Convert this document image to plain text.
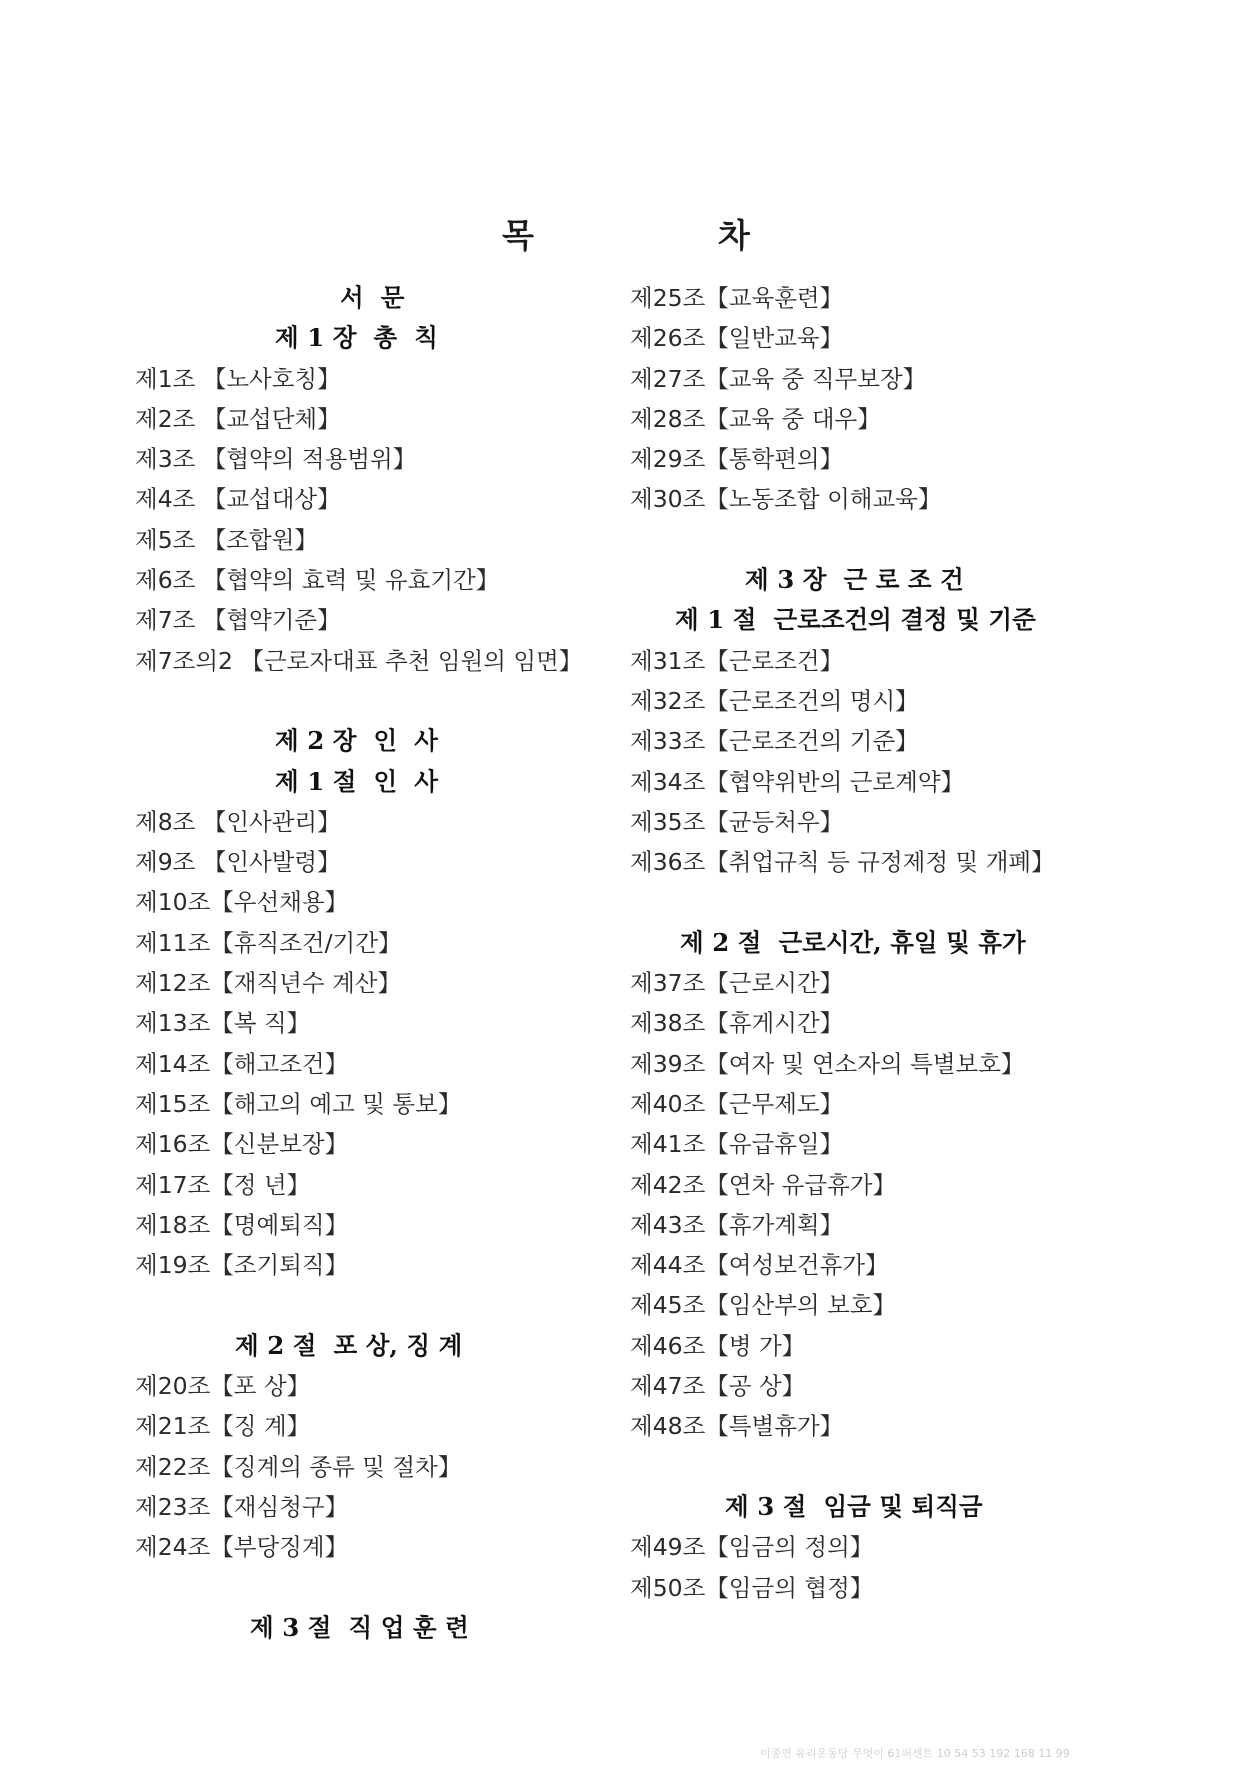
목	차
서  문
제 1 장  총  칙
제1조 【노사호칭】
제2조 【교섭단체】
제3조 【협약의 적용범위】
제4조 【교섭대상】
제5조 【조합원】
제6조 【협약의 효력 및 유효기간】
제7조 【협약기준】
제7조의2 【근로자대표 추천 임원의 임면】
제 2 장  인  사
제 1 절  인  사
제8조 【인사관리】
제9조 【인사발령】
제10조【우선채용】
제11조【휴직조건/기간】
제12조【재직년수 계산】
제13조【복 직】
제14조【해고조건】
제15조【해고의 예고 및 통보】
제16조【신분보장】
제17조【정 년】
제18조【명예퇴직】
제19조【조기퇴직】
제 2 절  포 상, 징 계
제20조【포 상】
제21조【징 계】
제22조【징계의 종류 및 절차】
제23조【재심청구】
제24조【부당징계】
제 3 절  직 업 훈 련
제25조【교육훈련】
제26조【일반교육】
제27조【교육 중 직무보장】
제28조【교육 중 대우】
제29조【통학편의】
제30조【노동조합 이해교육】
제 3 장  근 로 조 건
제 1 절  근로조건의 결정 및 기준
제31조【근로조건】
제32조【근로조건의 명시】
제33조【근로조건의 기준】
제34조【협약위반의 근로계약】
제35조【균등처우】
제36조【취업규칙 등 규정제정 및 개폐】
제 2 절  근로시간, 휴일 및 휴가
제37조【근로시간】
제38조【휴게시간】
제39조【여자 및 연소자의 특별보호】
제40조【근무제도】
제41조【유급휴일】
제42조【연차 유급휴가】
제43조【휴가계획】
제44조【여성보건휴가】
제45조【임산부의 보호】
제46조【병 가】
제47조【공 상】
제48조【특별휴가】
제 3 절  임금 및 퇴직금
제49조【임금의 정의】
제50조【임금의 협정】
이종연 유리운동당 무엇이 61퍼센트 10 54 53 192 168 11 99
